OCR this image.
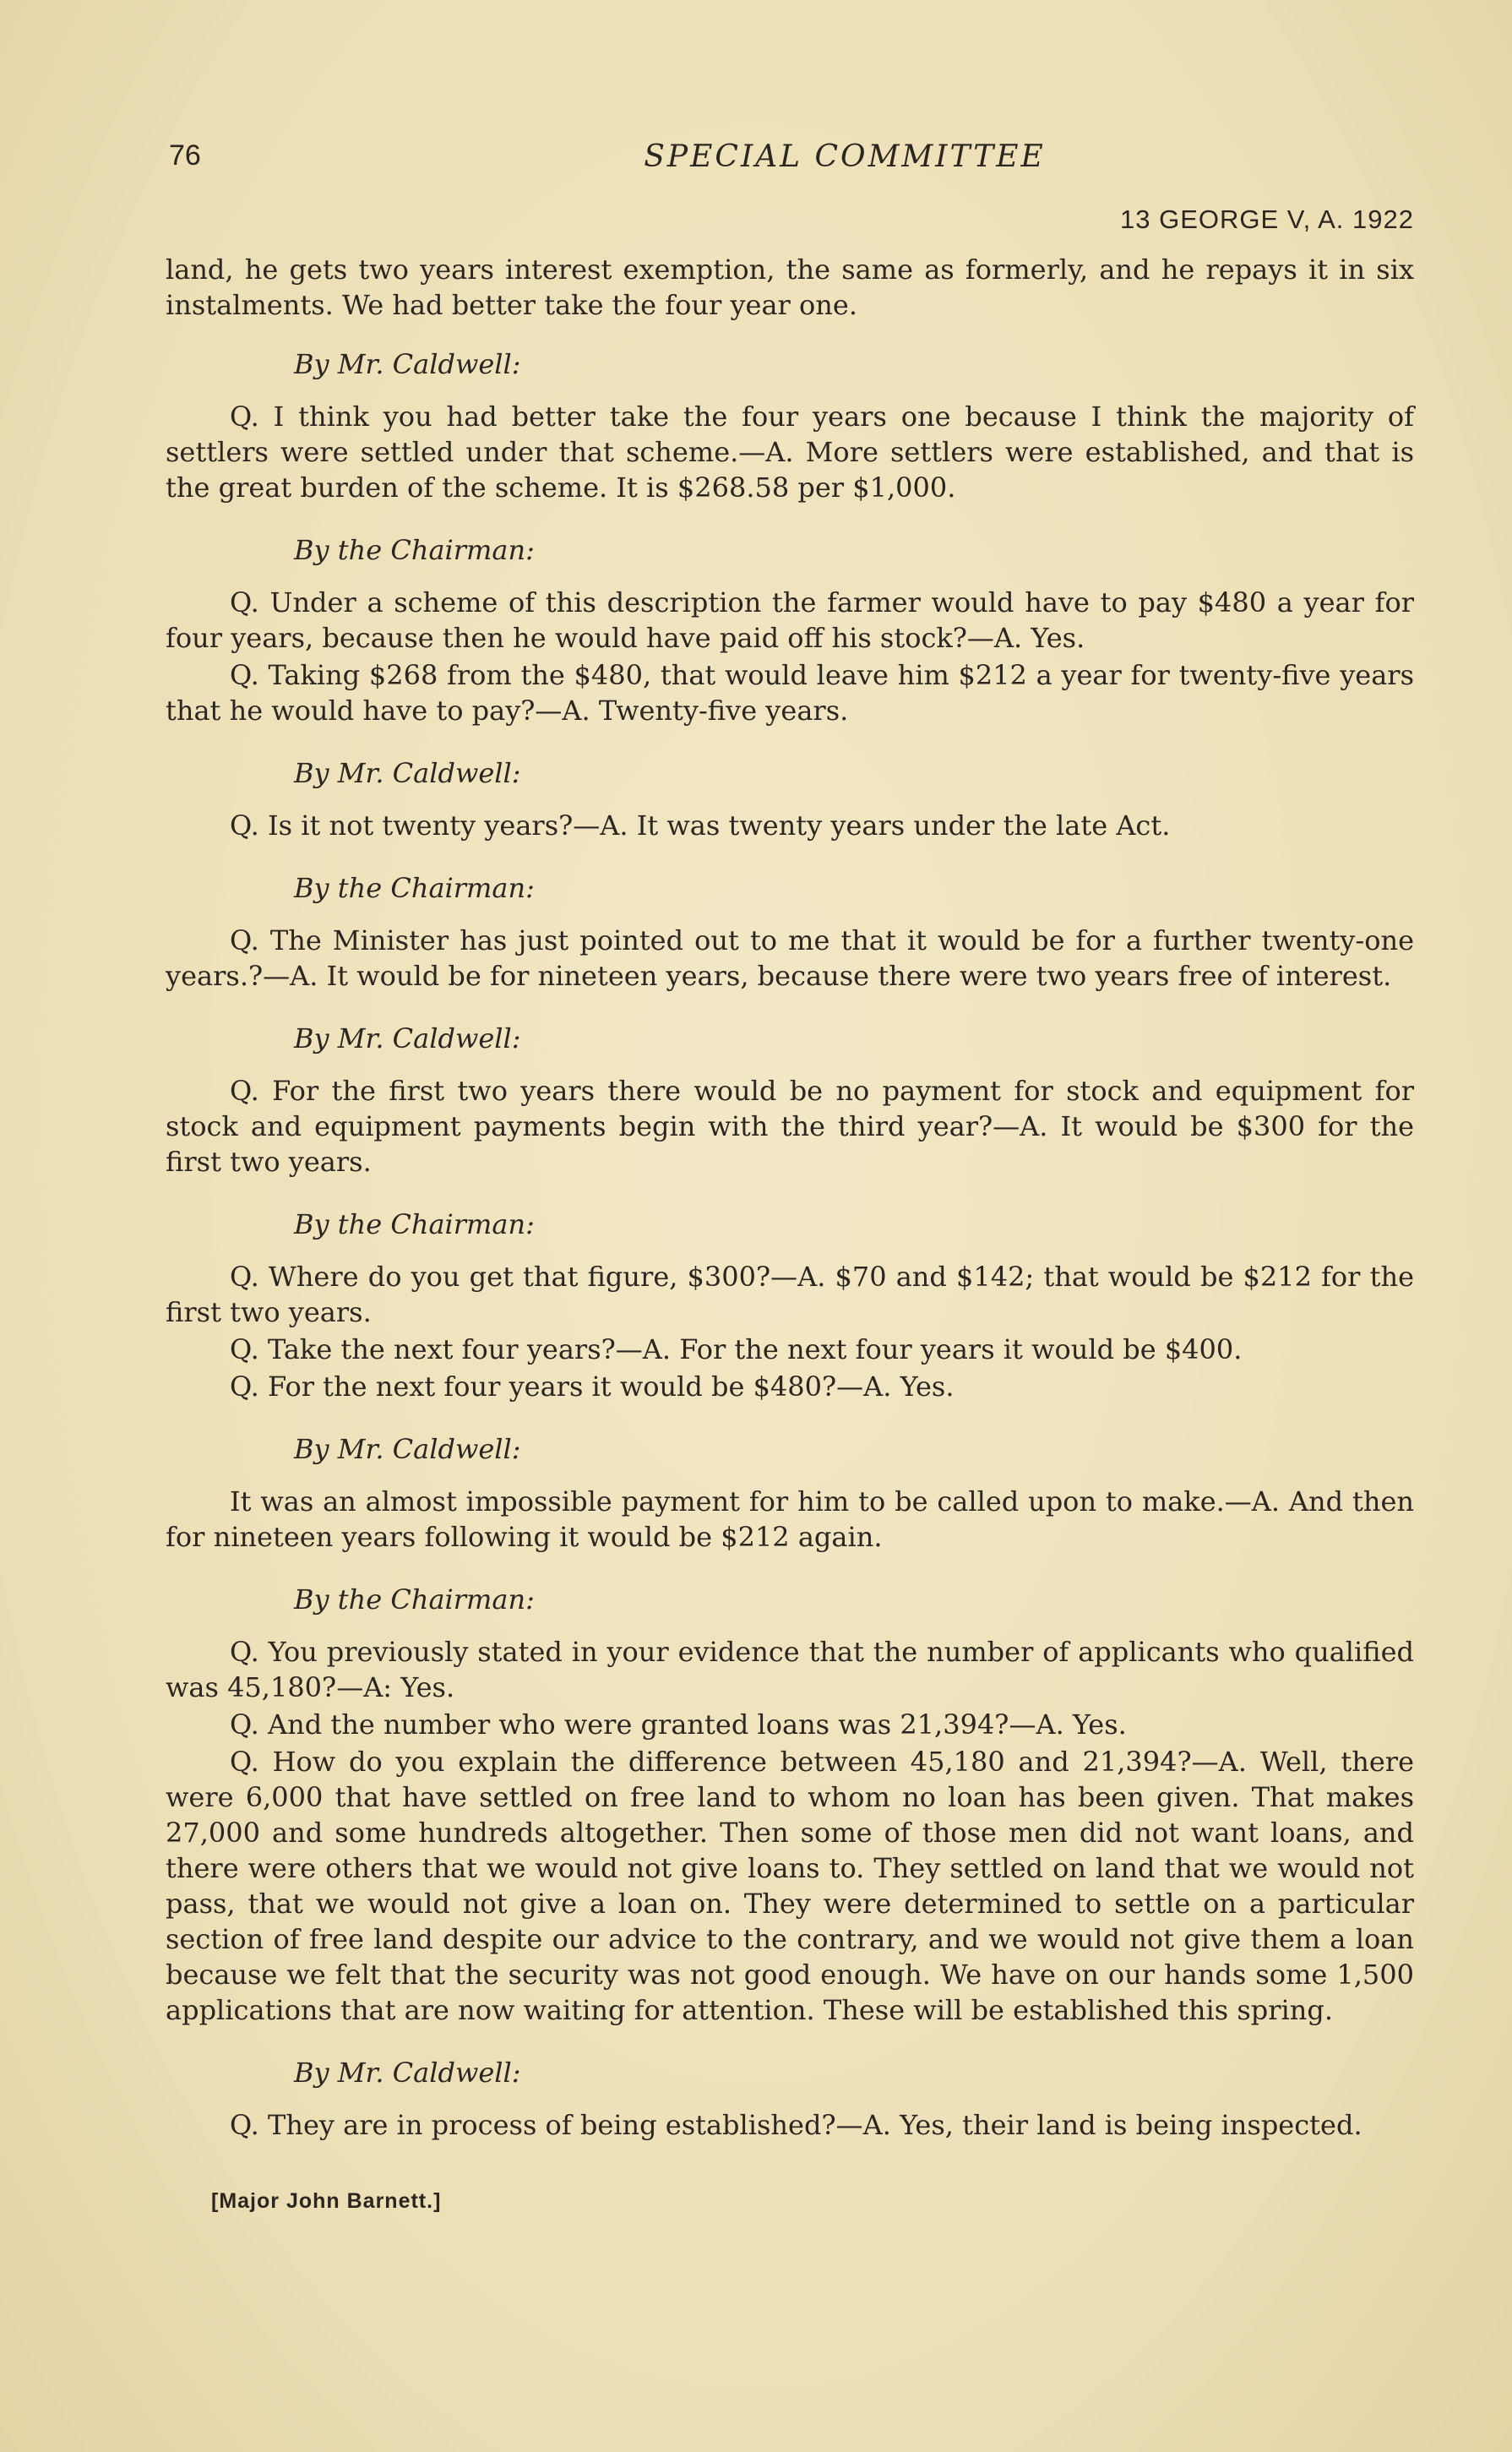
76	SPECIAL COMMITTEE
13 GEORGE V, A. 1922

land, he gets two years interest exemption, the same as formerly, and he repays it in six instalments. We had better take the four year one.

By Mr. Caldwell:

Q. I think you had better take the four years one because I think the majority of settlers were settled under that scheme.—A. More settlers were established, and that is the great burden of the scheme. It is $268.58 per $1,000.

By the Chairman:

Q. Under a scheme of this description the farmer would have to pay $480 a year for four years, because then he would have paid off his stock?—A. Yes.

Q. Taking $268 from the $480, that would leave him $212 a year for twenty-five years that he would have to pay?—A. Twenty-five years.

By Mr. Caldwell:

Q. Is it not twenty years?—A. It was twenty years under the late Act.

By the Chairman:

Q. The Minister has just pointed out to me that it would be for a further twenty-one years.?—A. It would be for nineteen years, because there were two years free of interest.

By Mr. Caldwell:

Q. For the first two years there would be no payment for stock and equipment for stock and equipment payments begin with the third year?—A. It would be $300 for the first two years.

By the Chairman:

Q. Where do you get that figure, $300?—A. $70 and $142; that would be $212 for the first two years.

Q. Take the next four years?—A. For the next four years it would be $400.

Q. For the next four years it would be $480?—A. Yes.

By Mr. Caldwell:

It was an almost impossible payment for him to be called upon to make.—A. And then for nineteen years following it would be $212 again.

By the Chairman:

Q. You previously stated in your evidence that the number of applicants who qualified was 45,180?—A: Yes.

Q. And the number who were granted loans was 21,394?—A. Yes.

Q. How do you explain the difference between 45,180 and 21,394?—A. Well, there were 6,000 that have settled on free land to whom no loan has been given. That makes 27,000 and some hundreds altogether. Then some of those men did not want loans, and there were others that we would not give loans to. They settled on land that we would not pass, that we would not give a loan on. They were determined to settle on a particular section of free land despite our advice to the contrary, and we would not give them a loan because we felt that the security was not good enough. We have on our hands some 1,500 applications that are now waiting for attention. These will be established this spring.

By Mr. Caldwell:

Q. They are in process of being established?—A. Yes, their land is being inspected.

[Major John Barnett.]
